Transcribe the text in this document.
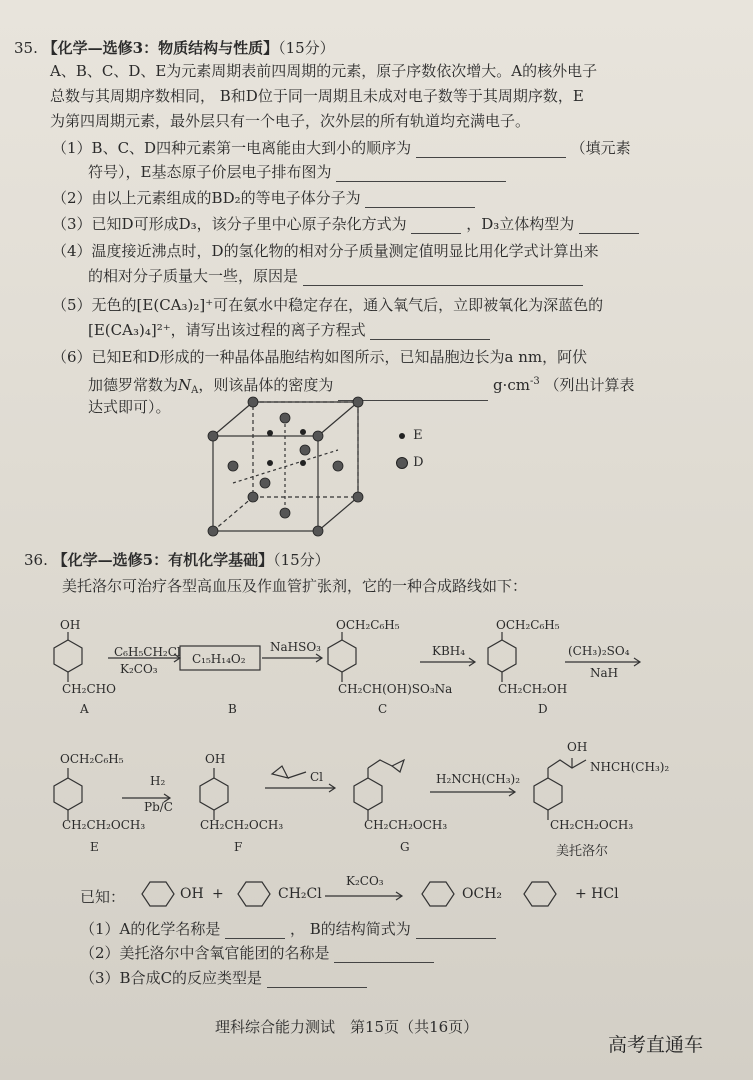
35. 【化学—选修3：物质结构与性质】（15分）
A、B、C、D、E为元素周期表前四周期的元素，原子序数依次增大。A的核外电子
总数与其周期序数相同， B和D位于同一周期且未成对电子数等于其周期序数，E
为第四周期元素，最外层只有一个电子，次外层的所有轨道均充满电子。
（1）B、C、D四种元素第一电离能由大到小的顺序为	（填元素
符号），E基态原子价层电子排布图为
（2）由以上元素组成的BD₂的等电子体分子为
（3）已知D可形成D₃，该分子里中心原子杂化方式为	，D₃立体构型为
（4）温度接近沸点时，D的氢化物的相对分子质量测定值明显比用化学式计算出来
的相对分子质量大一些，原因是
（5）无色的[E(CA₃)₂]⁺可在氨水中稳定存在，通入氧气后，立即被氧化为深蓝色的
[E(CA₃)₄]²⁺，请写出该过程的离子方程式
（6）已知E和D形成的一种晶体晶胞结构如图所示，已知晶胞边长为a nm，阿伏
加德罗常数为$N_A$，则该晶体的密度为	$g\cdot cm^{-3}$ （列出计算表
达式即可）。
E
D
36. 【化学—选修5：有机化学基础】（15分）
美托洛尔可治疗各型高血压及作血管扩张剂，它的一种合成路线如下：
OH
CH₂CHO
A
C₆H₅CH₂Cl
K₂CO₃
C₁₅H₁₄O₂
B
NaHSO₃
OCH₂C₆H₅
CH₂CH(OH)SO₃Na
C
KBH₄
OCH₂C₆H₅
CH₂CH₂OH
D
(CH₃)₂SO₄
NaH
OCH₂C₆H₅
CH₂CH₂OCH₃
E
H₂
Pb/C
OH
CH₂CH₂OCH₃
F
Cl
CH₂CH₂OCH₃
G
H₂NCH(CH₃)₂
OH
NHCH(CH₃)₂
CH₂CH₂OCH₃
美托洛尔
已知：	OH +	CH₂Cl
K₂CO₃
OCH₂	+ HCl
（1）A的化学名称是	， B的结构简式为
（2）美托洛尔中含氧官能团的名称是
（3）B合成C的反应类型是
理科综合能力测试　第15页（共16页）
高考直通车
